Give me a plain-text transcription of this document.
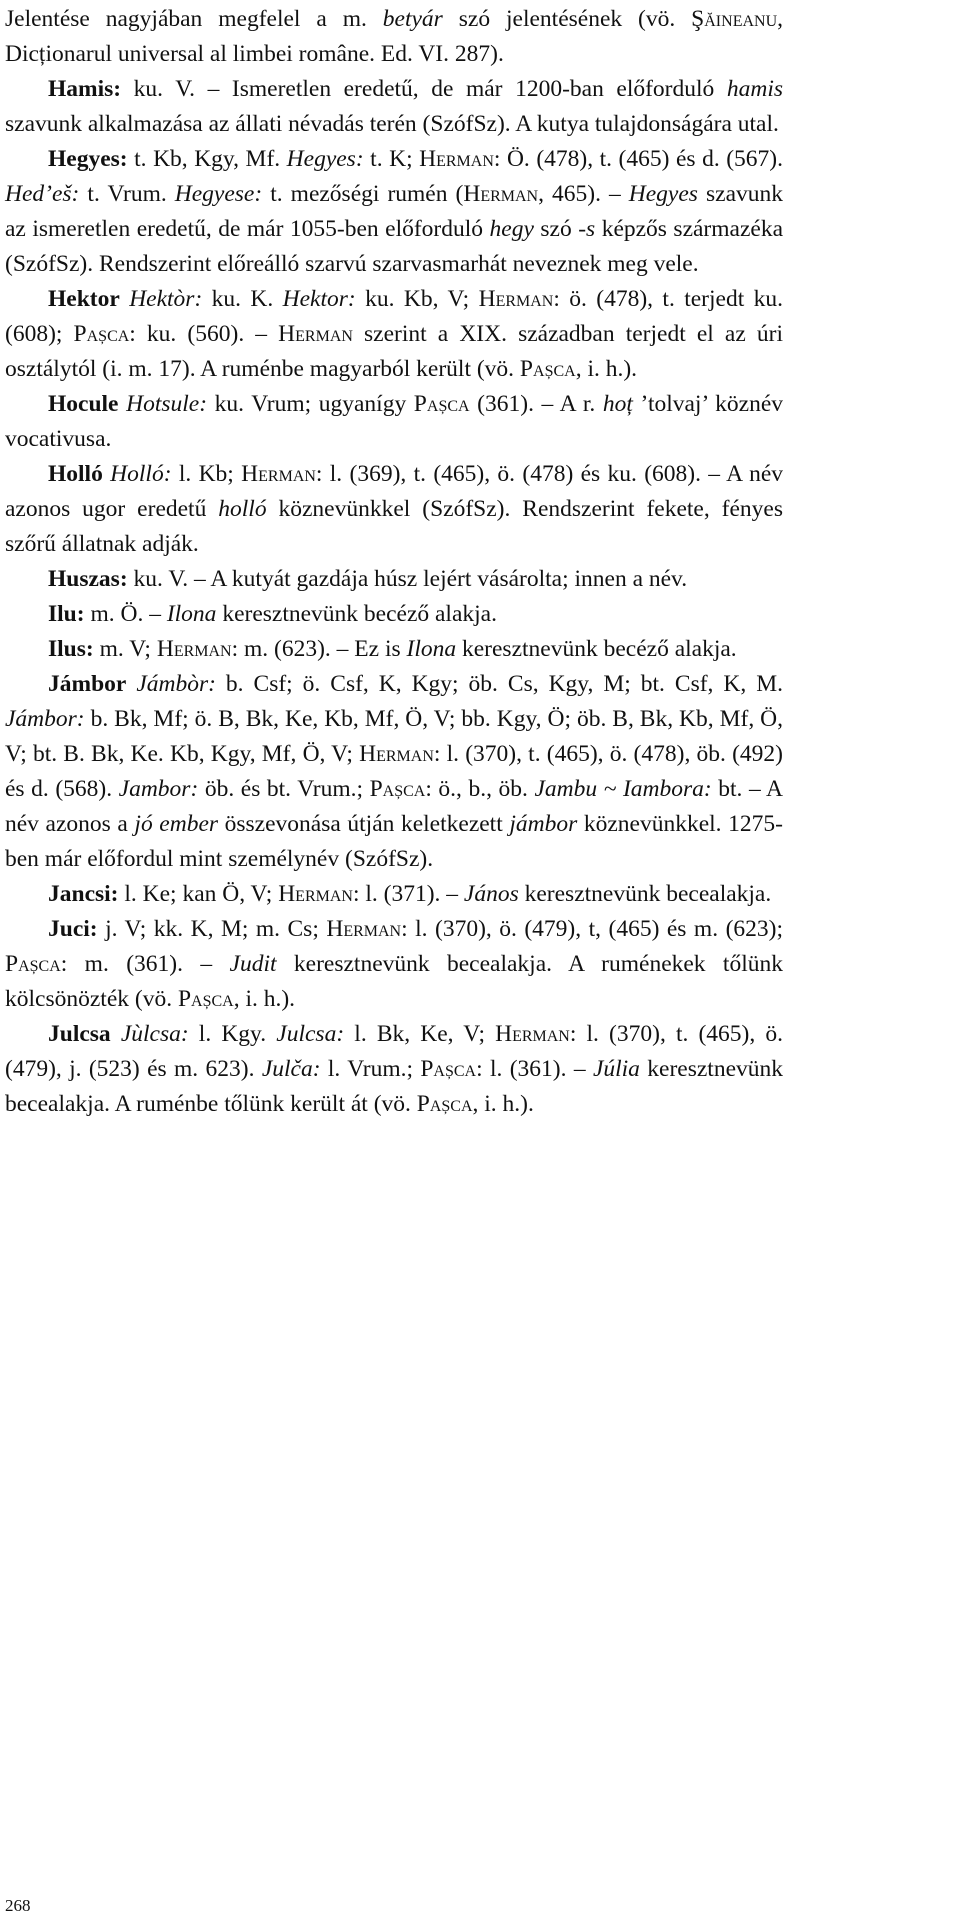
Jelentése nagyjában megfelel a m. betyár szó jelentésének (vö. Şăineanu, Dicționarul universal al limbei române. Ed. VI. 287).

Hamis: ku. V. – Ismeretlen eredetű, de már 1200-ban előforduló hamis szavunk alkalmazása az állati névadás terén (SzófSz). A kutya tulajdonságára utal.

Hegyes: t. Kb, Kgy, Mf. Hegyes: t. K; Herman: Ö. (478), t. (465) és d. (567). Hed’eš: t. Vrum. Hegyese: t. mezőségi rumén (Herman, 465). – Hegyes szavunk az ismeretlen eredetű, de már 1055-ben előforduló hegy szó -s képzős származéka (SzófSz). Rendszerint előreálló szarvú szarvasmarhát neveznek meg vele.

Hektor Hektòr: ku. K. Hektor: ku. Kb, V; Herman: ö. (478), t. terjedt ku. (608); Pașca: ku. (560). – Herman szerint a XIX. században terjedt el az úri osztálytól (i. m. 17). A ruménbe magyarból került (vö. Pașca, i. h.).

Hocule Hotsule: ku. Vrum; ugyanígy Pașca (361). – A r. hoț ’tolvaj’ köznév vocativusa.

Holló Holló: l. Kb; Herman: l. (369), t. (465), ö. (478) és ku. (608). – A név azonos ugor eredetű holló köznevünkkel (SzófSz). Rendszerint fekete, fényes szőrű állatnak adják.

Huszas: ku. V. – A kutyát gazdája húsz lejért vásárolta; innen a név.

Ilu: m. Ö. – Ilona keresztnevünk becéző alakja.

Ilus: m. V; Herman: m. (623). – Ez is Ilona keresztnevünk becéző alakja.

Jámbor Jámbòr: b. Csf; ö. Csf, K, Kgy; öb. Cs, Kgy, M; bt. Csf, K, M. Jámbor: b. Bk, Mf; ö. B, Bk, Ke, Kb, Mf, Ö, V; bb. Kgy, Ö; öb. B, Bk, Kb, Mf, Ö, V; bt. B. Bk, Ke. Kb, Kgy, Mf, Ö, V; Herman: l. (370), t. (465), ö. (478), öb. (492) és d. (568). Jambor: öb. és bt. Vrum.; Pașca: ö., b., öb. Jambu ~ Iambora: bt. – A név azonos a jó ember összevonása útján keletkezett jámbor köznevünkkel. 1275-ben már előfordul mint személynév (SzófSz).

Jancsi: l. Ke; kan Ö, V; Herman: l. (371). – János keresztnevünk becealakja.

Juci: j. V; kk. K, M; m. Cs; Herman: l. (370), ö. (479), t, (465) és m. (623); Pașca: m. (361). – Judit keresztnevünk becealakja. A ruménekek tőlünk kölcsönözték (vö. Pașca, i. h.).

Julcsa Jùlcsa: l. Kgy. Julcsa: l. Bk, Ke, V; Herman: l. (370), t. (465), ö. (479), j. (523) és m. 623). Julča: l. Vrum.; Pașca: l. (361). – Júlia keresztnevünk becealakja. A ruménbe tőlünk került át (vö. Pașca, i. h.).

268
